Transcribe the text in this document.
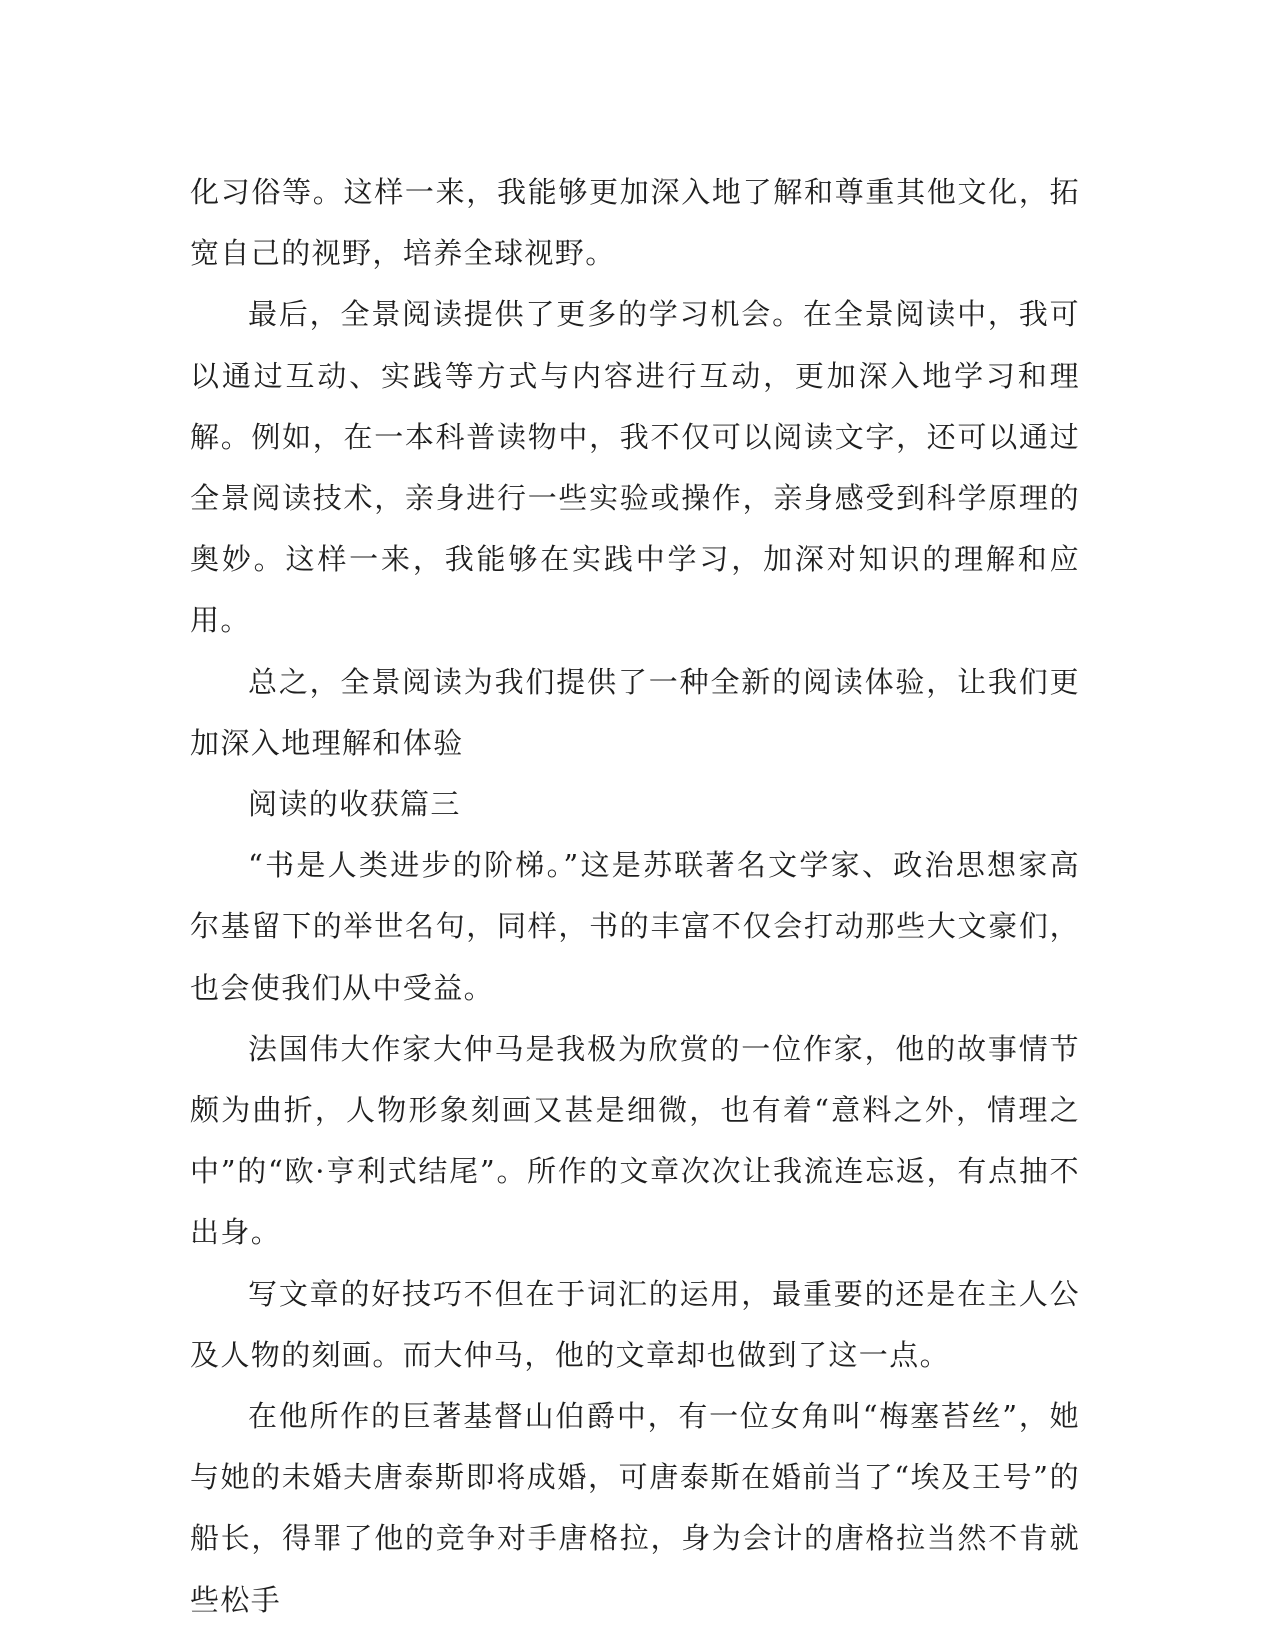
化习俗等。这样一来，我能够更加深入地了解和尊重其他文化，拓宽自己的视野，培养全球视野。

最后，全景阅读提供了更多的学习机会。在全景阅读中，我可以通过互动、实践等方式与内容进行互动，更加深入地学习和理解。例如，在一本科普读物中，我不仅可以阅读文字，还可以通过全景阅读技术，亲身进行一些实验或操作，亲身感受到科学原理的奥妙。这样一来，我能够在实践中学习，加深对知识的理解和应用。

总之，全景阅读为我们提供了一种全新的阅读体验，让我们更加深入地理解和体验

阅读的收获篇三

“书是人类进步的阶梯。”这是苏联著名文学家、政治思想家高尔基留下的举世名句，同样，书的丰富不仅会打动那些大文豪们，也会使我们从中受益。

法国伟大作家大仲马是我极为欣赏的一位作家，他的故事情节颇为曲折，人物形象刻画又甚是细微，也有着“意料之外，情理之中”的“欧·亨利式结尾”。所作的文章次次让我流连忘返，有点抽不出身。

写文章的好技巧不但在于词汇的运用，最重要的还是在主人公及人物的刻画。而大仲马，他的文章却也做到了这一点。

在他所作的巨著基督山伯爵中，有一位女角叫“梅塞苔丝”，她与她的未婚夫唐泰斯即将成婚，可唐泰斯在婚前当了“埃及王号”的船长，得罪了他的竞争对手唐格拉，身为会计的唐格拉当然不肯就些松手
